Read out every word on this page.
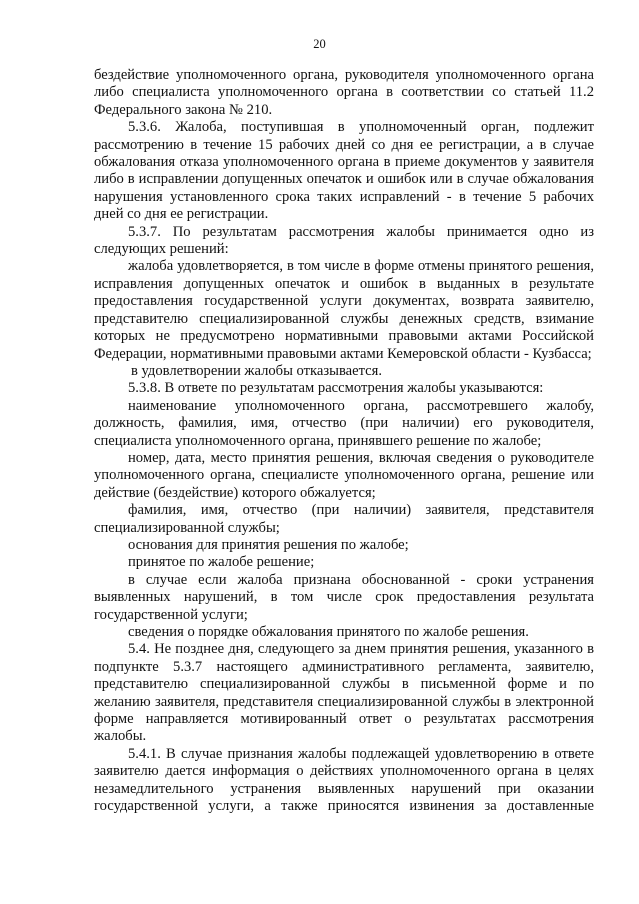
20

бездействие уполномоченного органа, руководителя уполномоченного органа либо специалиста уполномоченного органа в соответствии со статьей 11.2 Федерального закона № 210.

5.3.6. Жалоба, поступившая в уполномоченный орган, подлежит рассмотрению в течение 15 рабочих дней со дня ее регистрации, а в случае обжалования отказа уполномоченного органа в приеме документов у заявителя либо в исправлении допущенных опечаток и ошибок или в случае обжалования нарушения установленного срока таких исправлений - в течение 5 рабочих дней со дня ее регистрации.

5.3.7. По результатам рассмотрения жалобы принимается одно из следующих решений:

жалоба удовлетворяется, в том числе в форме отмены принятого решения, исправления допущенных опечаток и ошибок в выданных в результате предоставления государственной услуги документах, возврата заявителю, представителю специализированной службы денежных средств, взимание которых не предусмотрено нормативными правовыми актами Российской Федерации, нормативными правовыми актами Кемеровской области - Кузбасса;

в удовлетворении жалобы отказывается.

5.3.8. В ответе по результатам рассмотрения жалобы указываются:

наименование уполномоченного органа, рассмотревшего жалобу, должность, фамилия, имя, отчество (при наличии) его руководителя, специалиста уполномоченного органа, принявшего решение по жалобе;

номер, дата, место принятия решения, включая сведения о руководителе уполномоченного органа, специалисте уполномоченного органа, решение или действие (бездействие) которого обжалуется;

фамилия, имя, отчество (при наличии) заявителя, представителя специализированной службы;

основания для принятия решения по жалобе;

принятое по жалобе решение;

в случае если жалоба признана обоснованной - сроки устранения выявленных нарушений, в том числе срок предоставления результата государственной услуги;

сведения о порядке обжалования принятого по жалобе решения.

5.4. Не позднее дня, следующего за днем принятия решения, указанного в подпункте 5.3.7 настоящего административного регламента, заявителю, представителю специализированной службы в письменной форме и по желанию заявителя, представителя специализированной службы в электронной форме направляется мотивированный ответ о результатах рассмотрения жалобы.

5.4.1. В случае признания жалобы подлежащей удовлетворению в ответе заявителю дается информация о действиях уполномоченного органа в целях незамедлительного устранения выявленных нарушений при оказании государственной услуги, а также приносятся извинения за доставленные
